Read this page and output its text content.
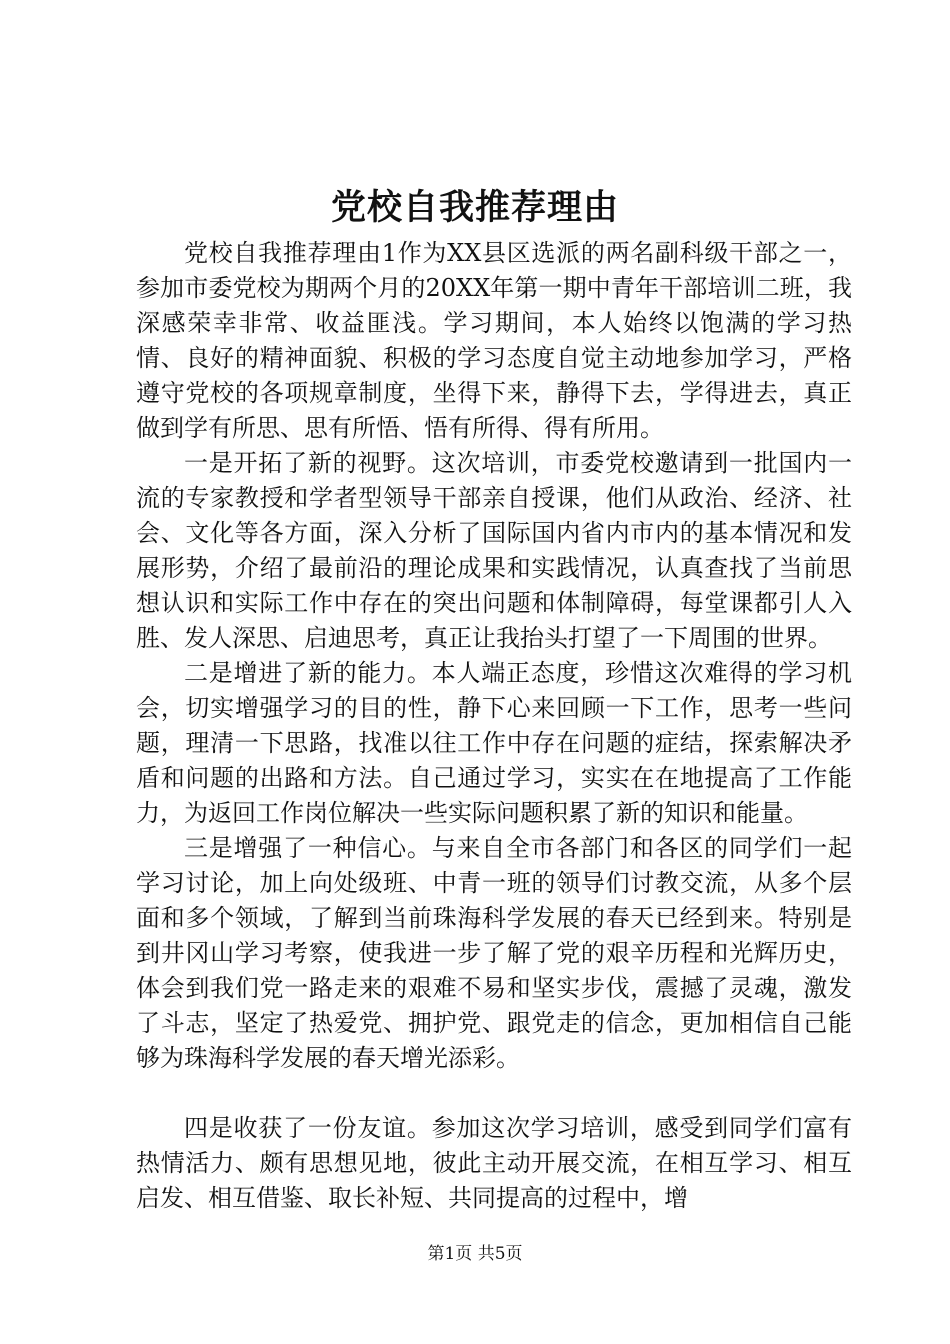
党校自我推荐理由

党校自我推荐理由1作为XX县区选派的两名副科级干部之一，参加市委党校为期两个月的20XX年第一期中青年干部培训二班，我深感荣幸非常、收益匪浅。学习期间，本人始终以饱满的学习热情、良好的精神面貌、积极的学习态度自觉主动地参加学习，严格遵守党校的各项规章制度，坐得下来，静得下去，学得进去，真正做到学有所思、思有所悟、悟有所得、得有所用。

一是开拓了新的视野。这次培训，市委党校邀请到一批国内一流的专家教授和学者型领导干部亲自授课，他们从政治、经济、社会、文化等各方面，深入分析了国际国内省内市内的基本情况和发展形势，介绍了最前沿的理论成果和实践情况，认真查找了当前思想认识和实际工作中存在的突出问题和体制障碍，每堂课都引人入胜、发人深思、启迪思考，真正让我抬头打望了一下周围的世界。

二是增进了新的能力。本人端正态度，珍惜这次难得的学习机会，切实增强学习的目的性，静下心来回顾一下工作，思考一些问题，理清一下思路，找准以往工作中存在问题的症结，探索解决矛盾和问题的出路和方法。自己通过学习，实实在在地提高了工作能力，为返回工作岗位解决一些实际问题积累了新的知识和能量。

三是增强了一种信心。与来自全市各部门和各区的同学们一起学习讨论，加上向处级班、中青一班的领导们讨教交流，从多个层面和多个领域，了解到当前珠海科学发展的春天已经到来。特别是到井冈山学习考察，使我进一步了解了党的艰辛历程和光辉历史，体会到我们党一路走来的艰难不易和坚实步伐，震撼了灵魂，激发了斗志，坚定了热爱党、拥护党、跟党走的信念，更加相信自己能够为珠海科学发展的春天增光添彩。

四是收获了一份友谊。参加这次学习培训，感受到同学们富有热情活力、颇有思想见地，彼此主动开展交流，在相互学习、相互启发、相互借鉴、取长补短、共同提高的过程中，增

第1页 共5页
